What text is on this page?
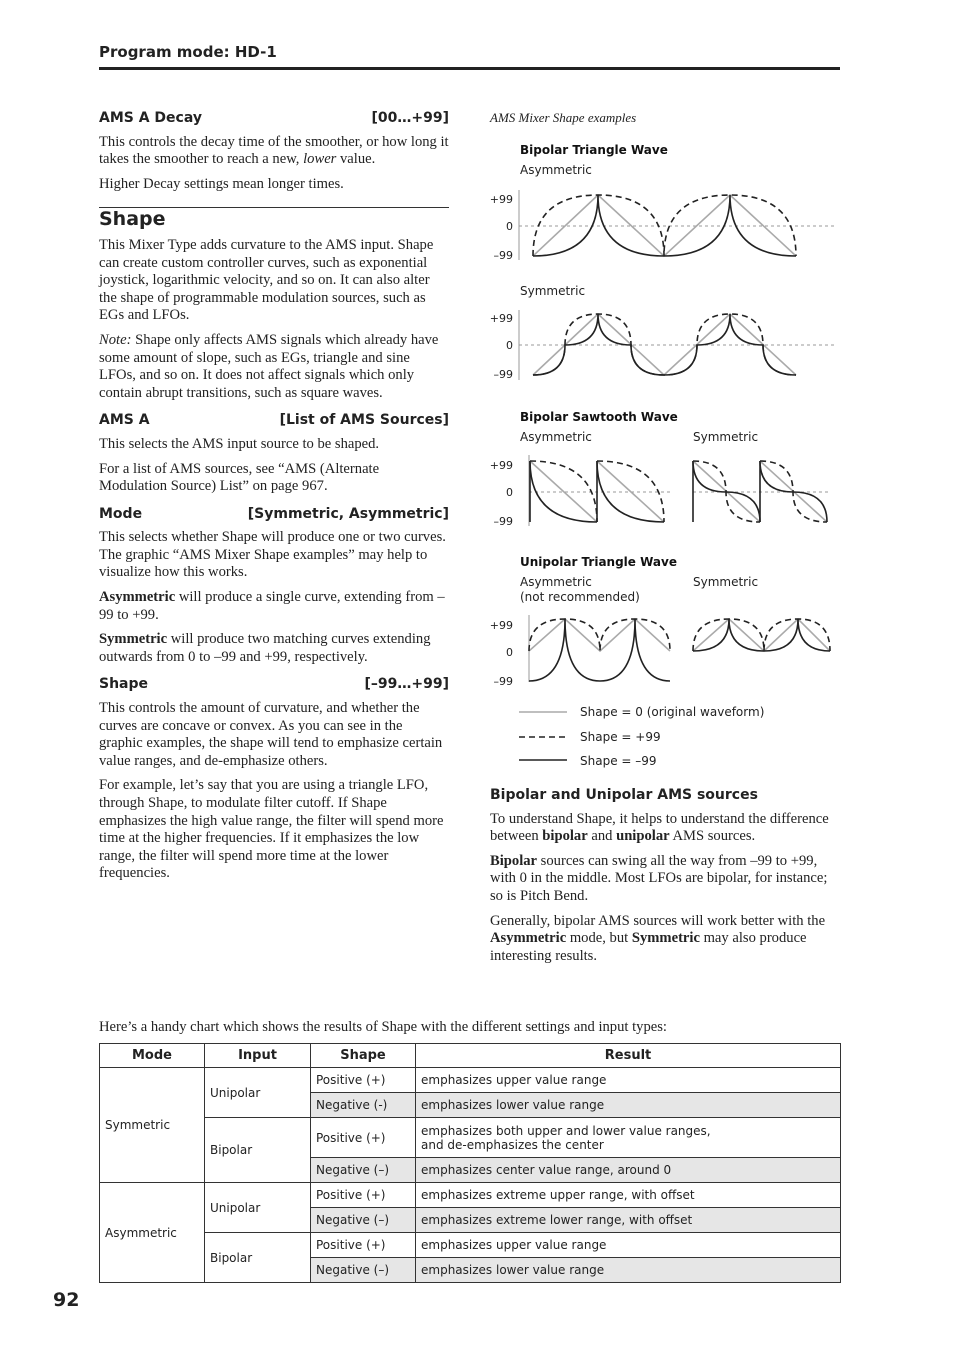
Program mode: HD-1
AMS A Decay	[00…+99]

This controls the decay time of the smoother, or how long it takes the smoother to reach a new, lower value.

Higher Decay settings mean longer times.

Shape

This Mixer Type adds curvature to the AMS input. Shape can create custom controller curves, such as exponential joystick, logarithmic velocity, and so on. It can also alter the shape of programmable modulation sources, such as EGs and LFOs.

Note: Shape only affects AMS signals which already have some amount of slope, such as EGs, triangle and sine LFOs, and so on. It does not affect signals which only contain abrupt transitions, such as square waves.

AMS A	[List of AMS Sources]

This selects the AMS input source to be shaped.

For a list of AMS sources, see “AMS (Alternate Modulation Source) List” on page 967.

Mode	[Symmetric, Asymmetric]

This selects whether Shape will produce one or two curves. The graphic “AMS Mixer Shape examples” may help to visualize how this works.

Asymmetric will produce a single curve, extending from –99 to +99.

Symmetric will produce two matching curves extending outwards from 0 to –99 and +99, respectively.

Shape	[–99…+99]

This controls the amount of curvature, and whether the curves are concave or convex. As you can see in the graphic examples, the shape will tend to emphasize certain value ranges, and de-emphasize others.

For example, let’s say that you are using a triangle LFO, through Shape, to modulate filter cutoff. If Shape emphasizes the high value range, the filter will spend more time at the higher frequencies. If it emphasizes the low range, the filter will spend more time at the lower frequencies.

AMS Mixer Shape examples
Bipolar Triangle Wave
Bipolar Sawtooth Wave
Unipolar Triangle Wave
Asymmetric
Symmetric
Asymmetric	Symmetric
Asymmetric
(not recommended)
Symmetric
+99
0
–99
+99
0
–99
+99
0
–99
+99
0
–99
Shape = 0 (original waveform)
Shape = +99
Shape = –99
Bipolar and Unipolar AMS sources

To understand Shape, it helps to understand the difference between bipolar and unipolar AMS sources.

Bipolar sources can swing all the way from –99 to +99, with 0 in the middle. Most LFOs are bipolar, for instance; so is Pitch Bend.

Generally, bipolar AMS sources will work better with the Asymmetric mode, but Symmetric may also produce interesting results.

Here’s a handy chart which shows the results of Shape with the different settings and input types:
Mode	Input	Shape	Result
Symmetric	Unipolar	Positive (+)	emphasizes upper value range
		Negative (-)	emphasizes lower value range
	Bipolar	Positive (+)	emphasizes both upper and lower value ranges,
and de-emphasizes the center
		Negative (–)	emphasizes center value range, around 0
Asymmetric	Unipolar	Positive (+)	emphasizes extreme upper range, with offset
		Negative (–)	emphasizes extreme lower range, with offset
	Bipolar	Positive (+)	emphasizes upper value range
		Negative (–)	emphasizes lower value range
92
